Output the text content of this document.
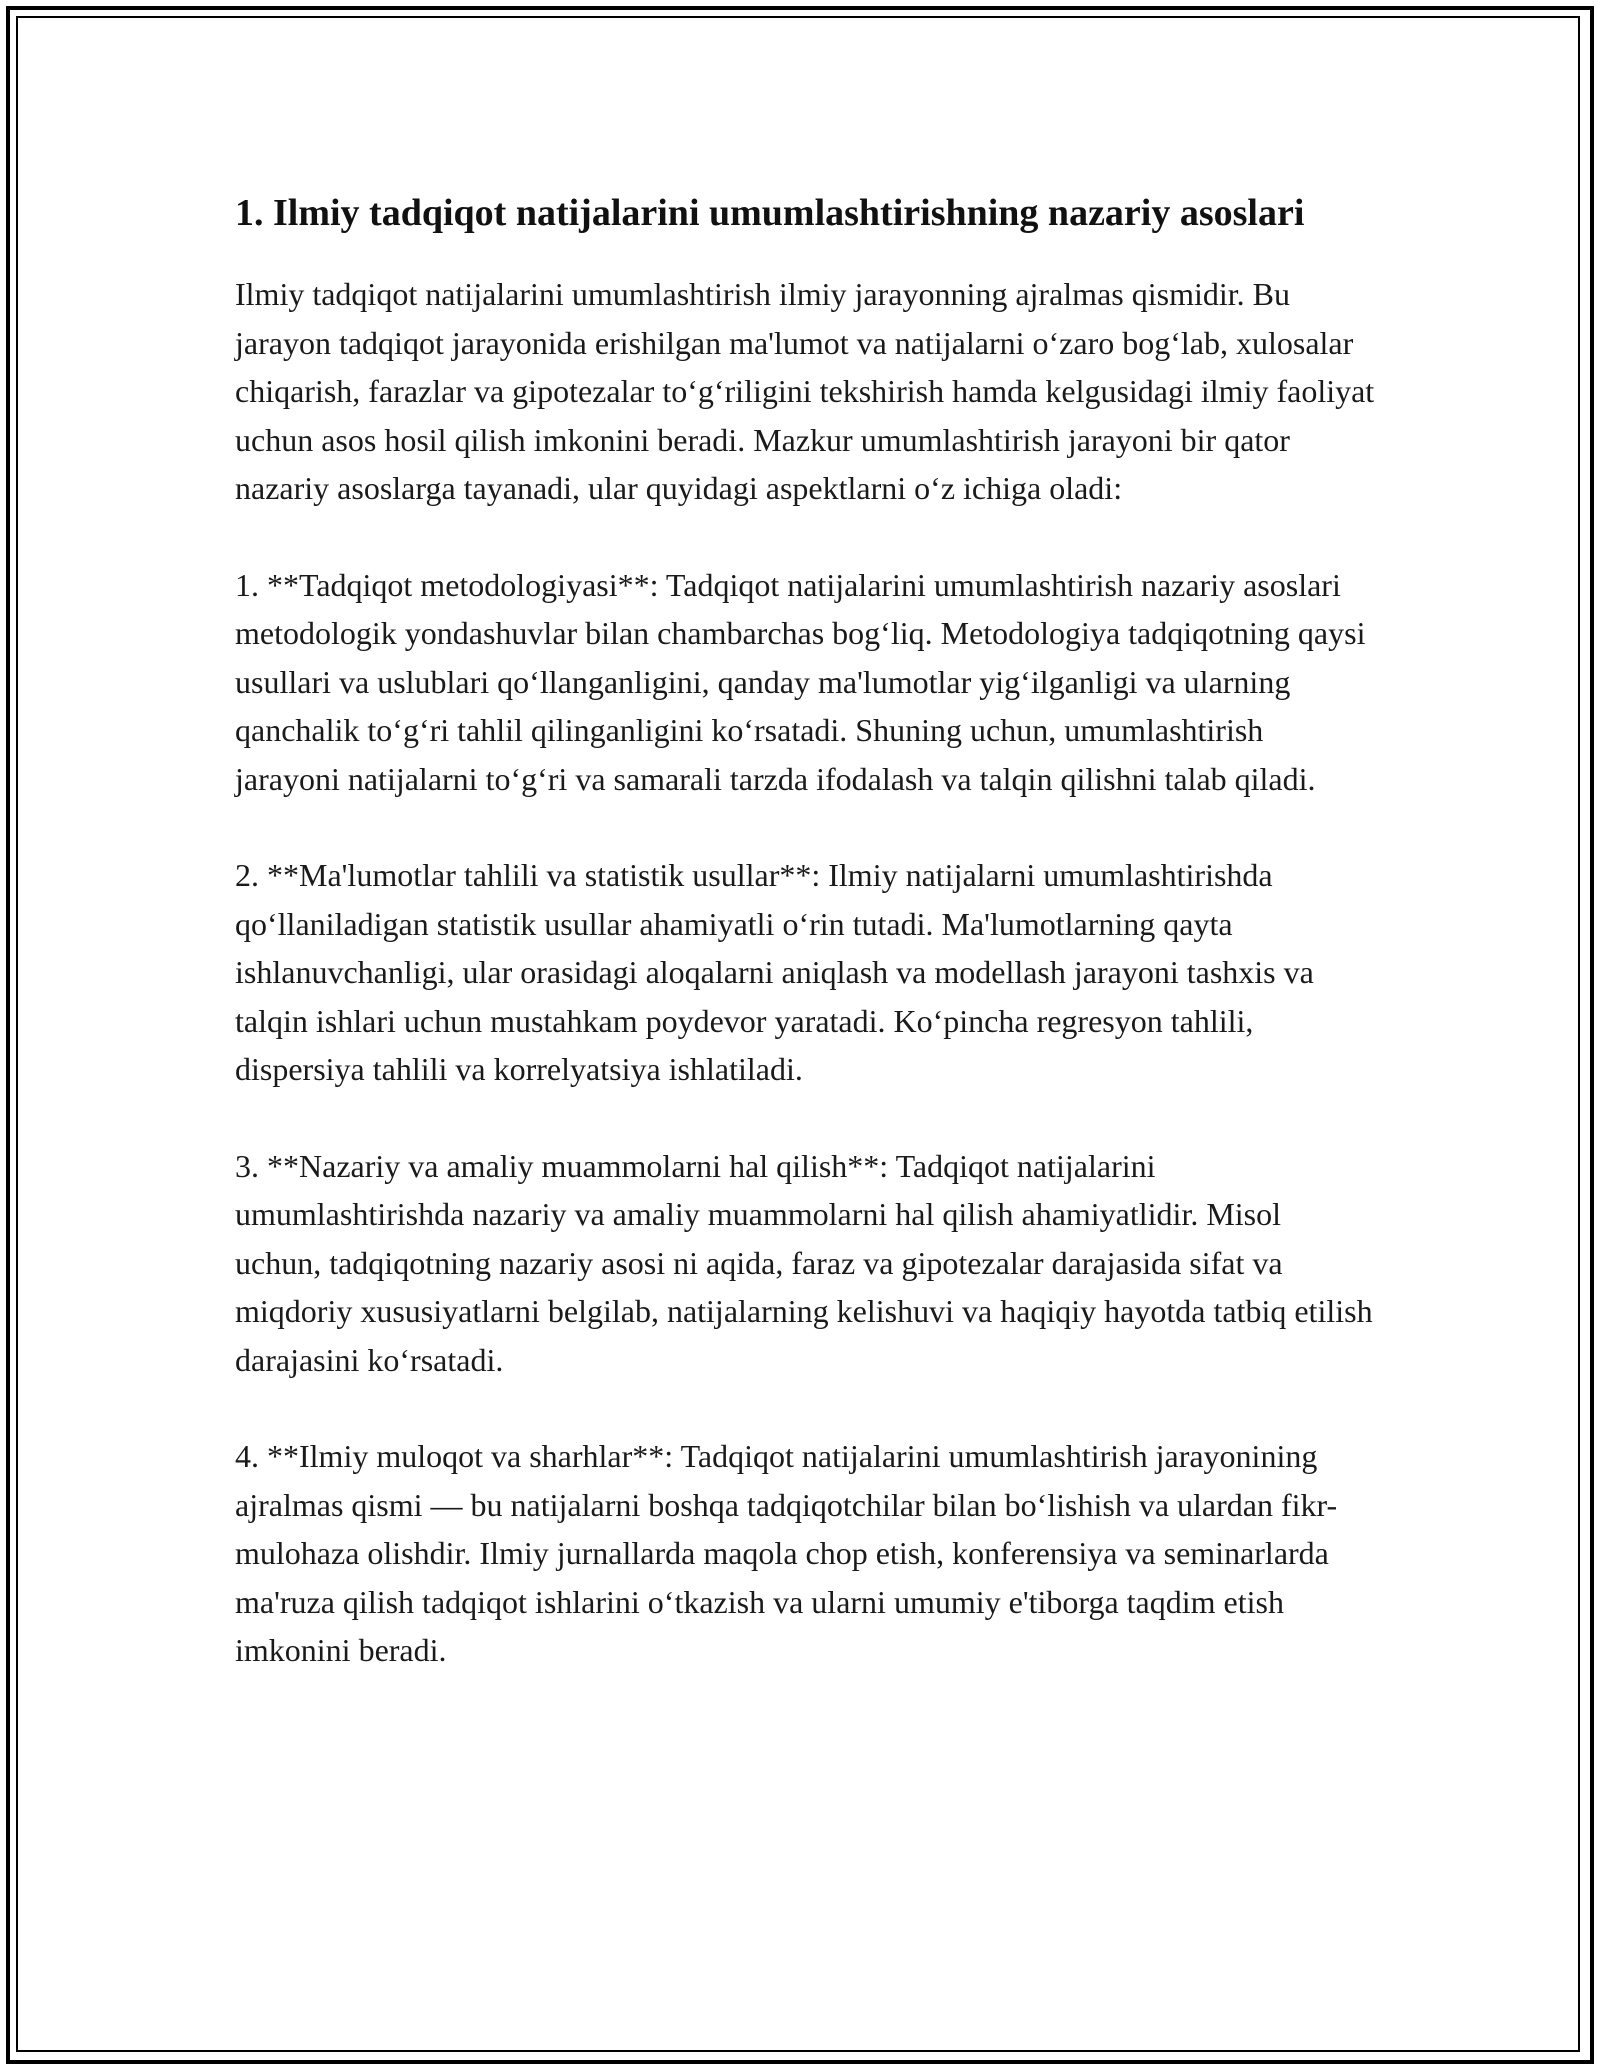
1. Ilmiy tadqiqot natijalarini umumlashtirishning nazariy asoslari

Ilmiy tadqiqot natijalarini umumlashtirish ilmiy jarayonning ajralmas qismidir. Bu jarayon tadqiqot jarayonida erishilgan ma'lumot va natijalarni o‘zaro bog‘lab, xulosalar chiqarish, farazlar va gipotezalar to‘g‘riligini tekshirish hamda kelgusidagi ilmiy faoliyat uchun asos hosil qilish imkonini beradi. Mazkur umumlashtirish jarayoni bir qator nazariy asoslarga tayanadi, ular quyidagi aspektlarni o‘z ichiga oladi:

1. **Tadqiqot metodologiyasi**: Tadqiqot natijalarini umumlashtirish nazariy asoslari metodologik yondashuvlar bilan chambarchas bog‘liq. Metodologiya tadqiqotning qaysi usullari va uslublari qo‘llanganligini, qanday ma'lumotlar yig‘ilganligi va ularning qanchalik to‘g‘ri tahlil qilinganligini ko‘rsatadi. Shuning uchun, umumlashtirish jarayoni natijalarni to‘g‘ri va samarali tarzda ifodalash va talqin qilishni talab qiladi.

2. **Ma'lumotlar tahlili va statistik usullar**: Ilmiy natijalarni umumlashtirishda qo‘llaniladigan statistik usullar ahamiyatli o‘rin tutadi. Ma'lumotlarning qayta ishlanuvchanligi, ular orasidagi aloqalarni aniqlash va modellash jarayoni tashxis va talqin ishlari uchun mustahkam poydevor yaratadi. Ko‘pincha regresyon tahlili, dispersiya tahlili va korrelyatsiya ishlatiladi.

3. **Nazariy va amaliy muammolarni hal qilish**: Tadqiqot natijalarini umumlashtirishda nazariy va amaliy muammolarni hal qilish ahamiyatlidir. Misol uchun, tadqiqotning nazariy asosi ni aqida, faraz va gipotezalar darajasida sifat va miqdoriy xususiyatlarni belgilab, natijalarning kelishuvi va haqiqiy hayotda tatbiq etilish darajasini ko‘rsatadi.

4. **Ilmiy muloqot va sharhlar**: Tadqiqot natijalarini umumlashtirish jarayonining ajralmas qismi — bu natijalarni boshqa tadqiqotchilar bilan bo‘lishish va ulardan fikr-mulohaza olishdir. Ilmiy jurnallarda maqola chop etish, konferensiya va seminarlarda ma'ruza qilish tadqiqot ishlarini o‘tkazish va ularni umumiy e'tiborga taqdim etish imkonini beradi.
